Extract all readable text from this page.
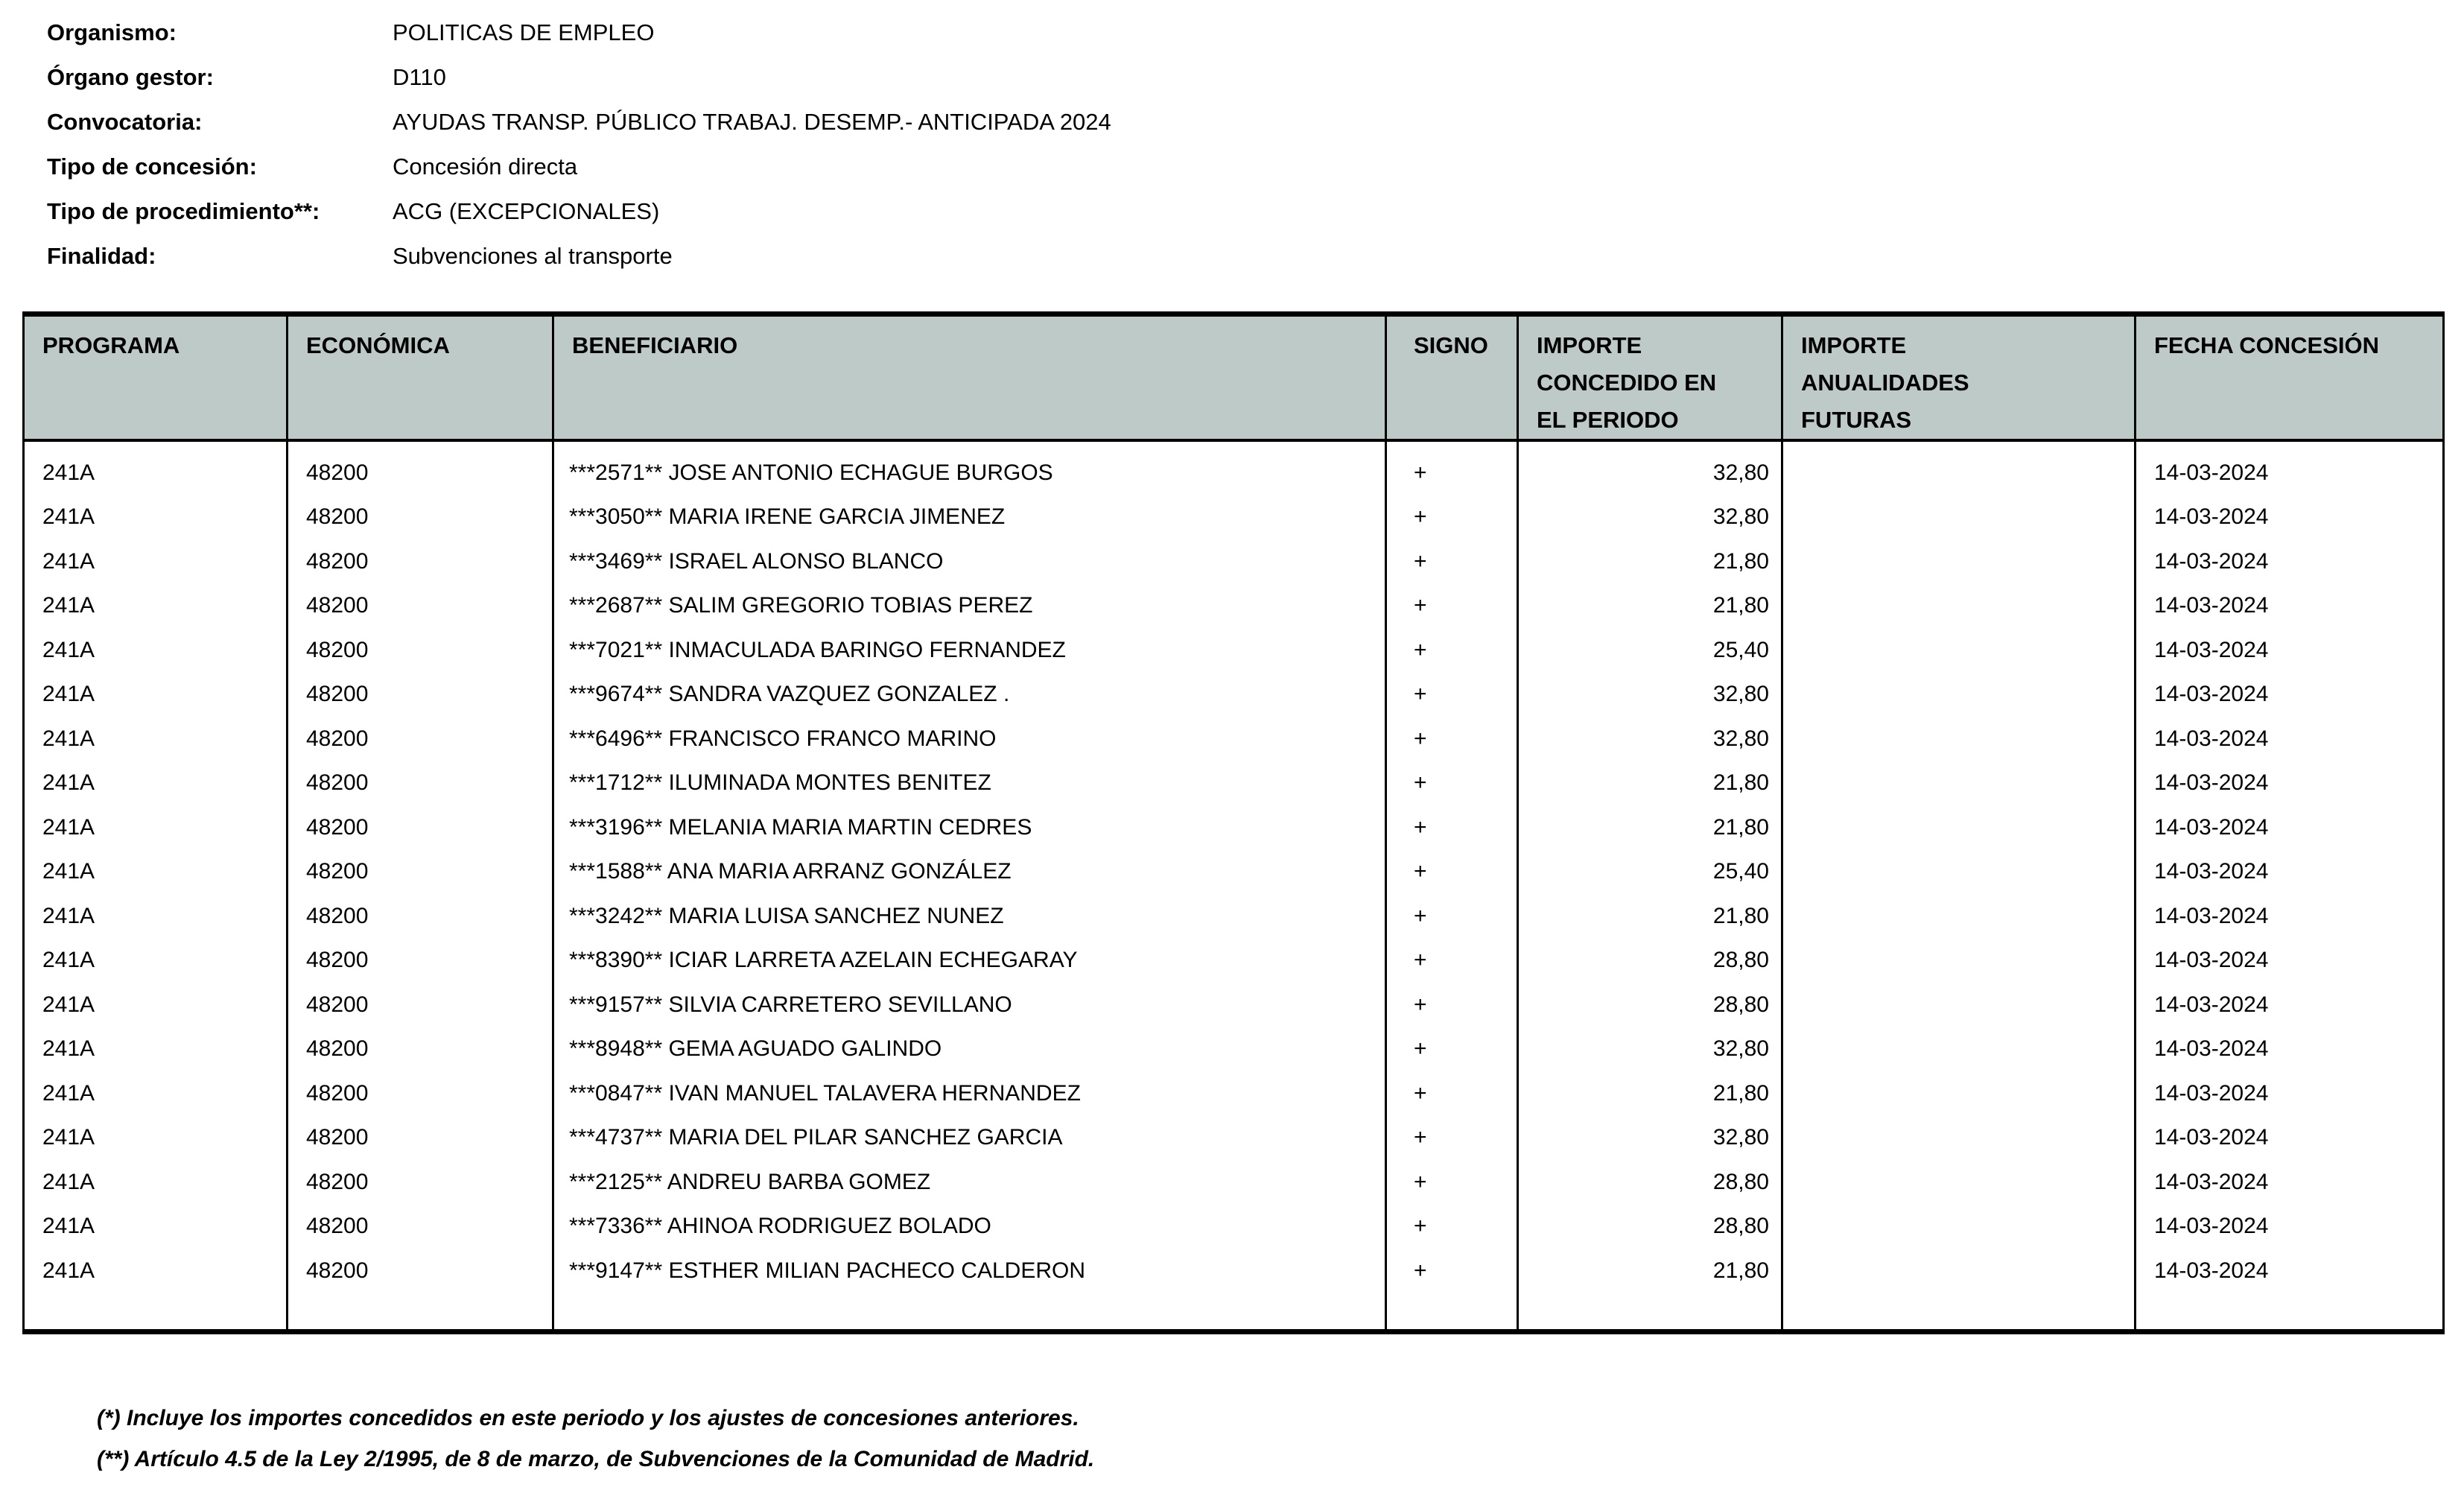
Organismo:	POLITICAS DE EMPLEO
Órgano gestor:	D110
Convocatoria:	AYUDAS TRANSP. PÚBLICO TRABAJ. DESEMP.- ANTICIPADA 2024
Tipo de concesión:	Concesión directa
Tipo de procedimiento**:	ACG (EXCEPCIONALES)
Finalidad:	Subvenciones al transporte
PROGRAMA	ECONÓMICA	BENEFICIARIO	SIGNO	IMPORTE CONCEDIDO EN EL PERIODO	IMPORTE ANUALIDADES FUTURAS	FECHA CONCESIÓN

241A	48200	***2571** JOSE ANTONIO ECHAGUE BURGOS	+	32,80		14-03-2024
241A	48200	***3050** MARIA IRENE GARCIA JIMENEZ	+	32,80		14-03-2024
241A	48200	***3469** ISRAEL ALONSO BLANCO	+	21,80		14-03-2024
241A	48200	***2687** SALIM GREGORIO TOBIAS PEREZ	+	21,80		14-03-2024
241A	48200	***7021** INMACULADA BARINGO FERNANDEZ	+	25,40		14-03-2024
241A	48200	***9674** SANDRA VAZQUEZ GONZALEZ .	+	32,80		14-03-2024
241A	48200	***6496** FRANCISCO FRANCO MARINO	+	32,80		14-03-2024
241A	48200	***1712** ILUMINADA MONTES BENITEZ	+	21,80		14-03-2024
241A	48200	***3196** MELANIA MARIA MARTIN CEDRES	+	21,80		14-03-2024
241A	48200	***1588** ANA MARIA ARRANZ GONZÁLEZ	+	25,40		14-03-2024
241A	48200	***3242** MARIA LUISA SANCHEZ NUNEZ	+	21,80		14-03-2024
241A	48200	***8390** ICIAR LARRETA AZELAIN ECHEGARAY	+	28,80		14-03-2024
241A	48200	***9157** SILVIA CARRETERO SEVILLANO	+	28,80		14-03-2024
241A	48200	***8948** GEMA AGUADO GALINDO	+	32,80		14-03-2024
241A	48200	***0847** IVAN MANUEL TALAVERA HERNANDEZ	+	21,80		14-03-2024
241A	48200	***4737** MARIA DEL PILAR SANCHEZ GARCIA	+	32,80		14-03-2024
241A	48200	***2125** ANDREU BARBA GOMEZ	+	28,80		14-03-2024
241A	48200	***7336** AHINOA RODRIGUEZ BOLADO	+	28,80		14-03-2024
241A	48200	***9147** ESTHER MILIAN PACHECO CALDERON	+	21,80		14-03-2024

(*) Incluye los importes concedidos en este periodo y los ajustes de concesiones anteriores.
(**) Artículo 4.5 de la Ley 2/1995, de 8 de marzo, de Subvenciones de la Comunidad de Madrid.
